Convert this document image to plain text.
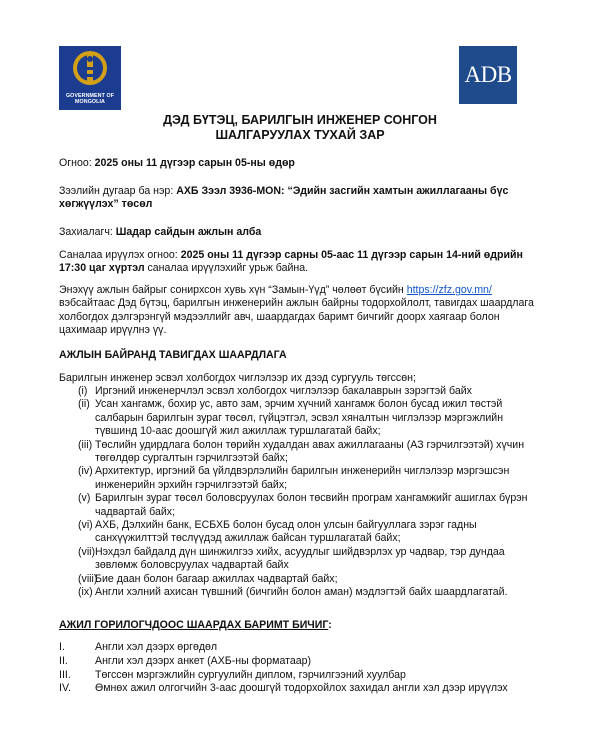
GOVERNMENT OF MONGOLIA
ADB
ДЭД БҮТЭЦ, БАРИЛГЫН ИНЖЕНЕР СОНГОН
ШАЛГАРУУЛАХ ТУХАЙ ЗАР
Огноо: 2025 оны 11 дүгээр сарын 05-ны өдөр
Зээлийн дугаар ба нэр: АХБ Зээл 3936-MON: “Эдийн засгийн хамтын ажиллагааны бүс хөгжүүлэх” төсөл
Захиалагч: Шадар сайдын ажлын алба
Саналаа ирүүлэх огноо: 2025 оны 11 дүгээр сарны 05-аас 11 дүгээр сарын 14-ний өдрийн 17:30 цаг хүртэл саналаа ирүүлэхийг урьж байна.
Энэхүү ажлын байрыг сонирхсон хувь хүн “Замын-Үүд” чөлөөт бүсийн https://zfz.gov.mn/ вэбсайтаас Дэд бүтэц, барилгын инженерийн ажлын байрны тодорхойлолт, тавигдах шаардлага холбогдох дэлгэрэнгүй мэдээллийг авч, шаардагдах баримт бичгийг доорх хаягаар болон цахимаар ирүүлнэ үү.
АЖЛЫН БАЙРАНД ТАВИГДАХ ШААРДЛАГА
Барилгын инженер эсвэл холбогдох чиглэлээр их дээд сургууль төгссөн;
(i) Иргэний инженерчлэл эсвэл холбогдох чиглэлээр бакалаврын зэрэгтэй байх
(ii) Усан хангамж, бохир ус, авто зам, эрчим хүчний хангамж болон бусад ижил төстэй салбарын барилгын зураг төсөл, гүйцэтгэл, эсвэл хяналтын чиглэлээр мэргэжлийн түвшинд 10-аас доошгүй жил ажиллаж туршлагатай байх;
(iii) Төслийн удирдлага болон төрийн худалдан авах ажиллагааны (АЗ гэрчилгээтэй) хүчин төгөлдөр сургалтын гэрчилгээтэй байх;
(iv) Архитектур, иргэний ба үйлдвэрлэлийн барилгын инженерийн чиглэлээр мэргэшсэн инженерийн эрхийн гэрчилгээтэй байх;
(v) Барилгын зураг төсөл боловсруулах болон төсвийн програм хангамжийг ашиглах бүрэн чадвартай байх;
(vi) АХБ, Дэлхийн банк, ЕСБХБ болон бусад олон улсын байгууллага зэрэг гадны санхүүжилттэй төслүүдэд ажиллаж байсан туршлагатай байх;
(vii) Нэхдэл байдалд дүн шинжилгээ хийх, асуудлыг шийдвэрлэх ур чадвар, тэр дундаа зөвлөмж боловсруулах чадвартай байх
(viii)
Бие даан болон багаар ажиллах чадвартай байх;
(ix) Англи хэлний ахисан түвшний (бичгийн болон аман) мэдлэгтэй байх шаардлагатай.
АЖИЛ ГОРИЛОГЧДООС ШААРДАХ БАРИМТ БИЧИГ:
I.	Англи хэл дээрх өргөдөл
II.	Англи хэл дээрх анкет (АХБ-ны форматаар)
III. Төгссөн мэргэжлийн сургуулийн диплом, гэрчилгээний хуулбар
IV. Өмнөх ажил олгогчийн 3-аас доошгүй тодорхойлох захидал англи хэл дээр ирүүлэх
